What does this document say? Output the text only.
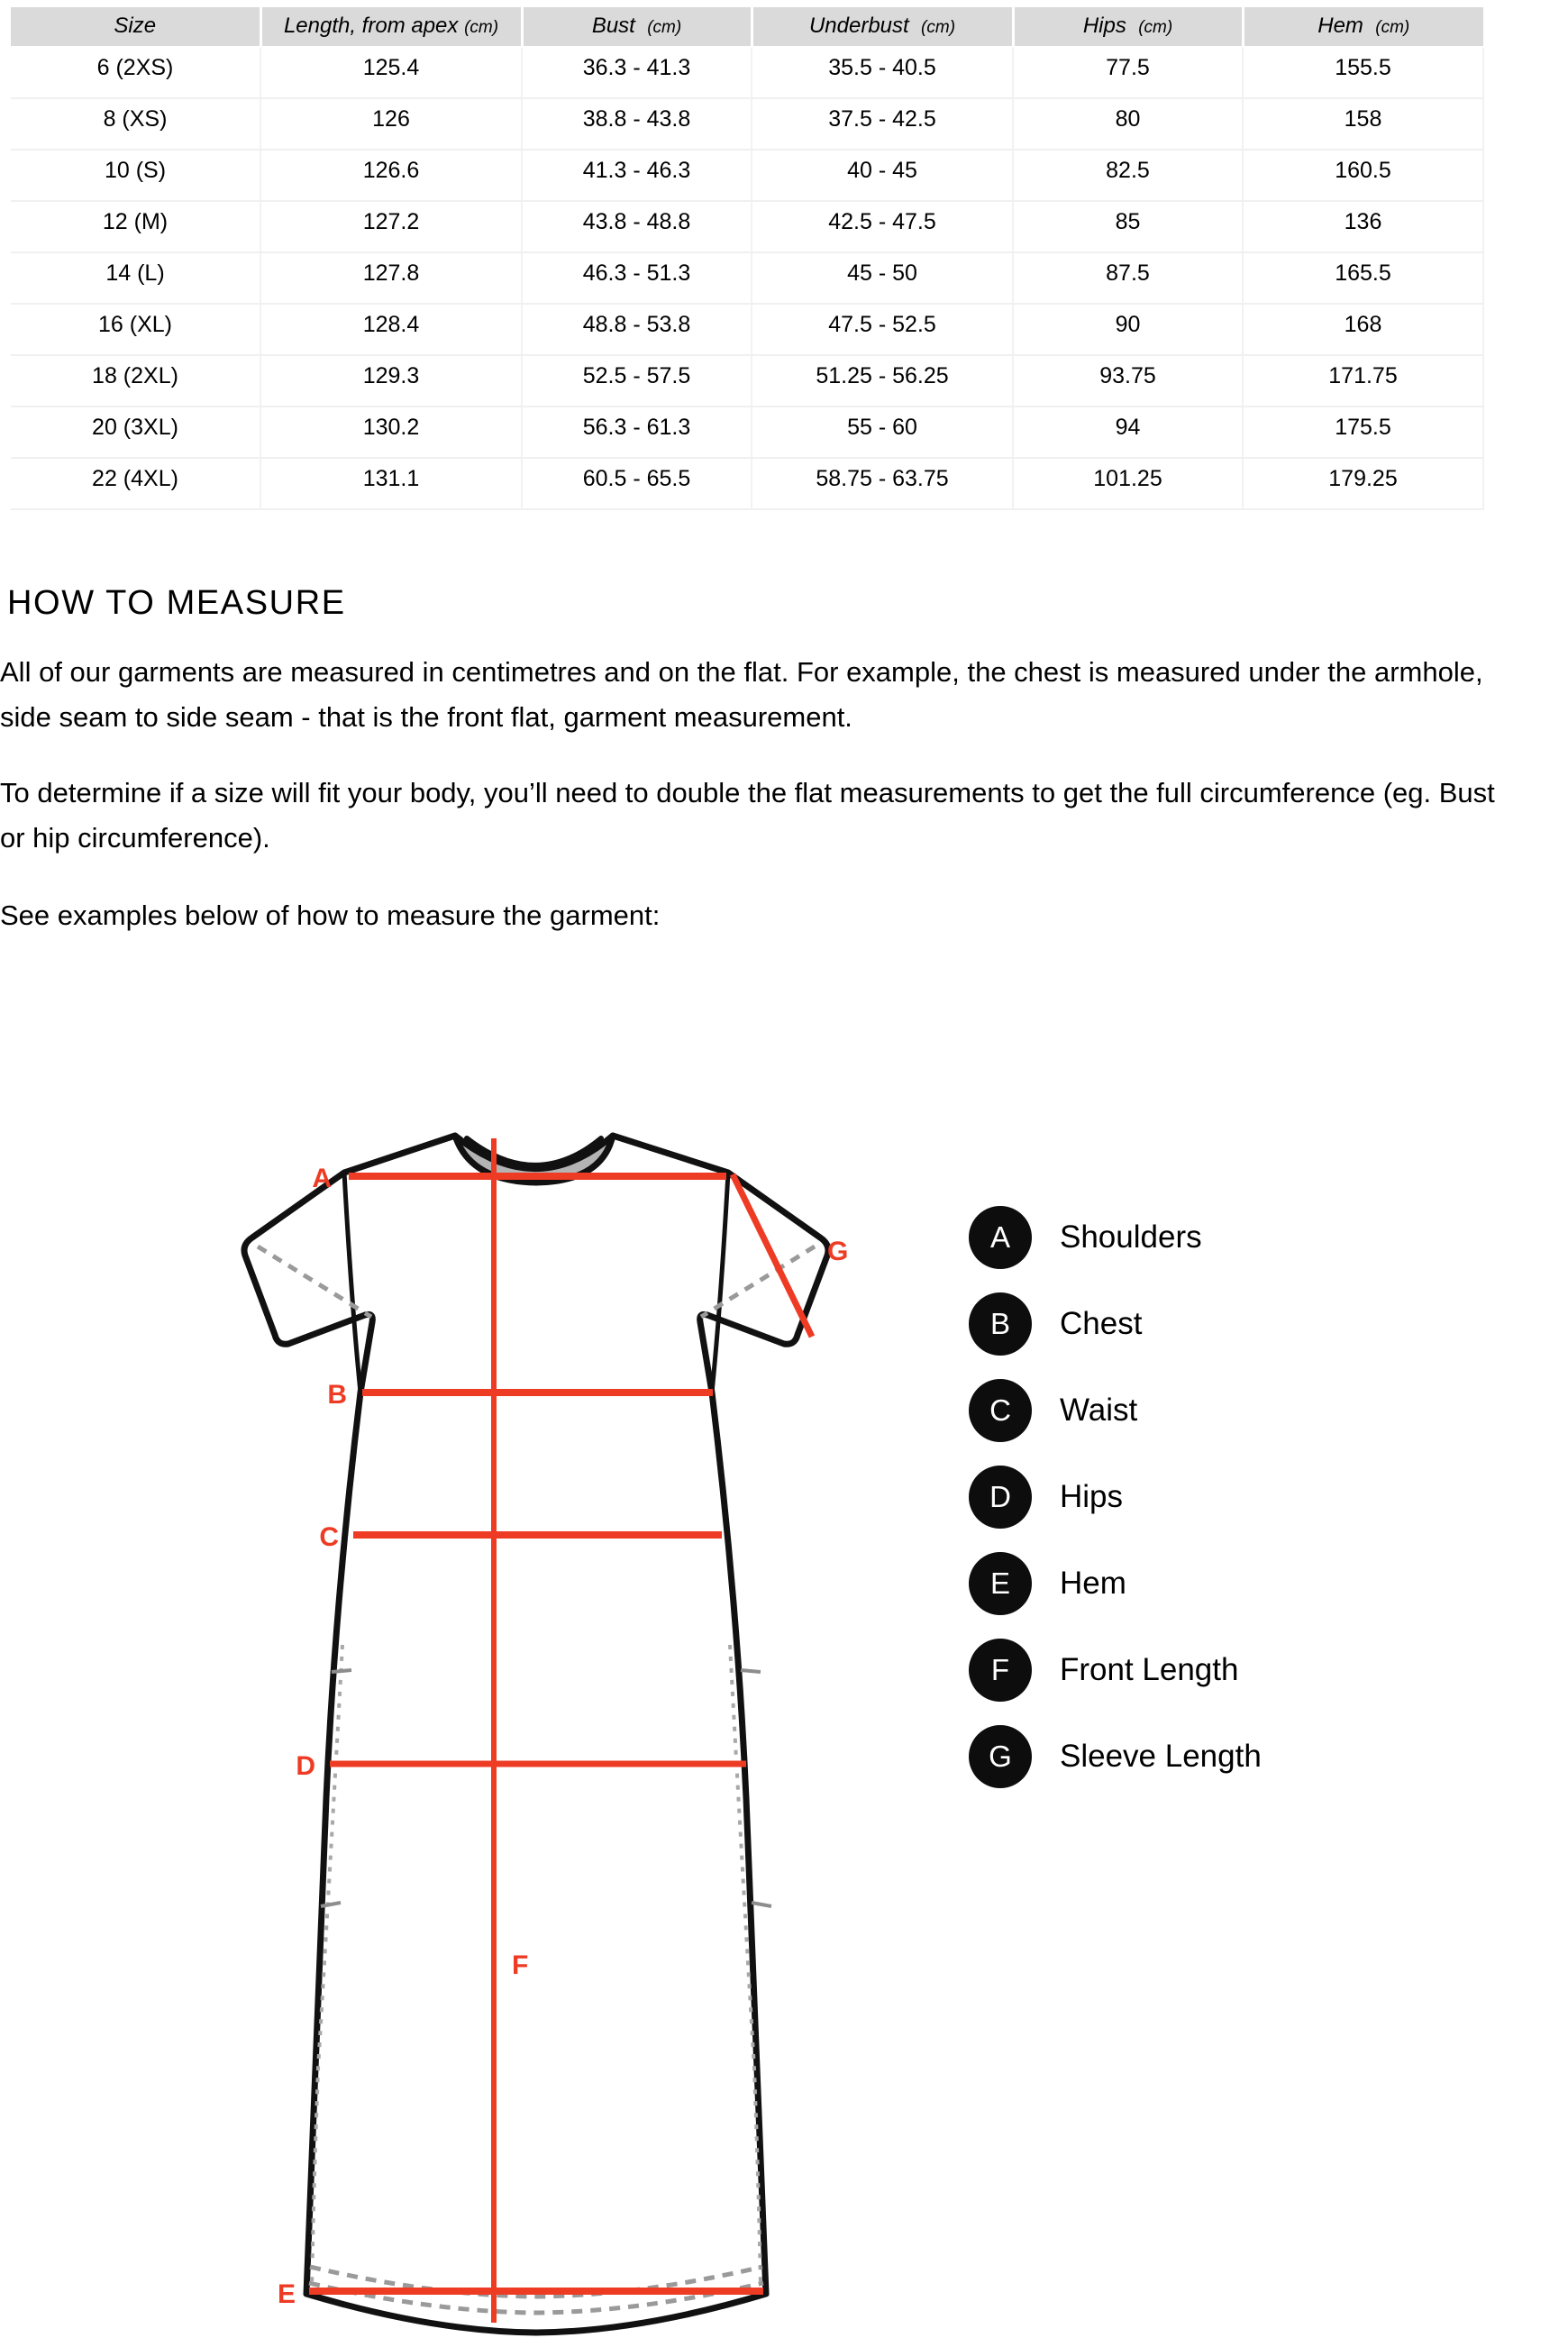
Size	Length, from apex (cm)	Bust (cm)	Underbust (cm)	Hips (cm)	Hem (cm)
6 (2XS)	125.4	36.3 - 41.3	35.5 - 40.5	77.5	155.5
8 (XS)	126	38.8 - 43.8	37.5 - 42.5	80	158
10 (S)	126.6	41.3 - 46.3	40 - 45	82.5	160.5
12 (M)	127.2	43.8 - 48.8	42.5 - 47.5	85	136
14 (L)	127.8	46.3 - 51.3	45 - 50	87.5	165.5
16 (XL)	128.4	48.8 - 53.8	47.5 - 52.5	90	168
18 (2XL)	129.3	52.5 - 57.5	51.25 - 56.25	93.75	171.75
20 (3XL)	130.2	56.3 - 61.3	55 - 60	94	175.5
22 (4XL)	131.1	60.5 - 65.5	58.75 - 63.75	101.25	179.25
HOW TO MEASURE

All of our garments are measured in centimetres and on the flat. For example, the chest is measured under the armhole, side seam to side seam - that is the front flat, garment measurement.

To determine if a size will fit your body, you’ll need to double the flat measurements to get the full circumference (eg. Bust or hip circumference).

See examples below of how to measure the garment:

A
B
C
D
E
F
G	A	Shoulders
B	Chest
C	Waist
D	Hips
E	Hem
F	Front Length
G	Sleeve Length
